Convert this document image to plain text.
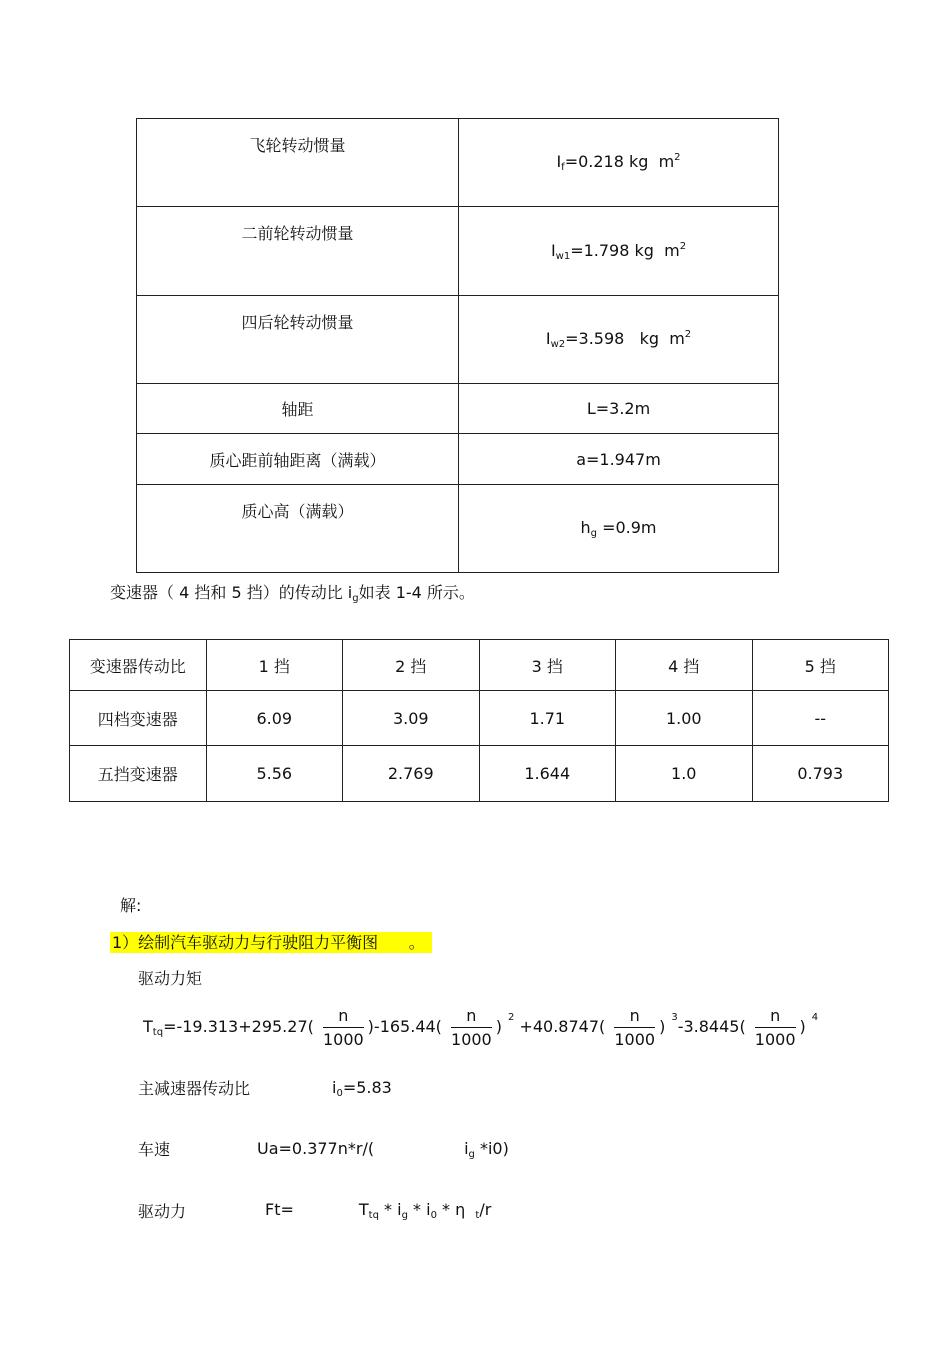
飞轮转动惯量	$I_f=0.218$ kg $m^2$
二前轮转动惯量	$I_{w1}=1.798$ kg $m^2$
四后轮转动惯量	$I_{w2}=3.598$ kg $m^2$
轴距	L=3.2m
质心距前轴距离（满载）	a=1.947m
质心高（满载）	$h_g =0.9m$
变速器（ 4 挡和 5 挡）的传动比 $i_g$如表 1-4 所示。
变速器传动比	1 挡	2 挡	3 挡	4 挡	5 挡
四档变速器	6.09	3.09	1.71	1.00	--
五挡变速器	5.56	2.769	1.644	1.0	0.793
解:
1）绘制汽车驱动力与行驶阻力平衡图 。
驱动力矩
$T_{tq}=-19.313+295.27( \frac{n}{1000} )-165.44( \frac{n}{1000}$ ) $^2 +40.8747( \frac{n}{1000}$ ) $^3-3.8445( \frac{n}{1000}$ ) $^4$
主减速器传动比	$i_0=5.83$
车速	Ua=0.377n*r/(	$i_g$ *i0)
驱动力	Ft=	$T_{tq} * i_g * i_0$ * η $_t$/r
